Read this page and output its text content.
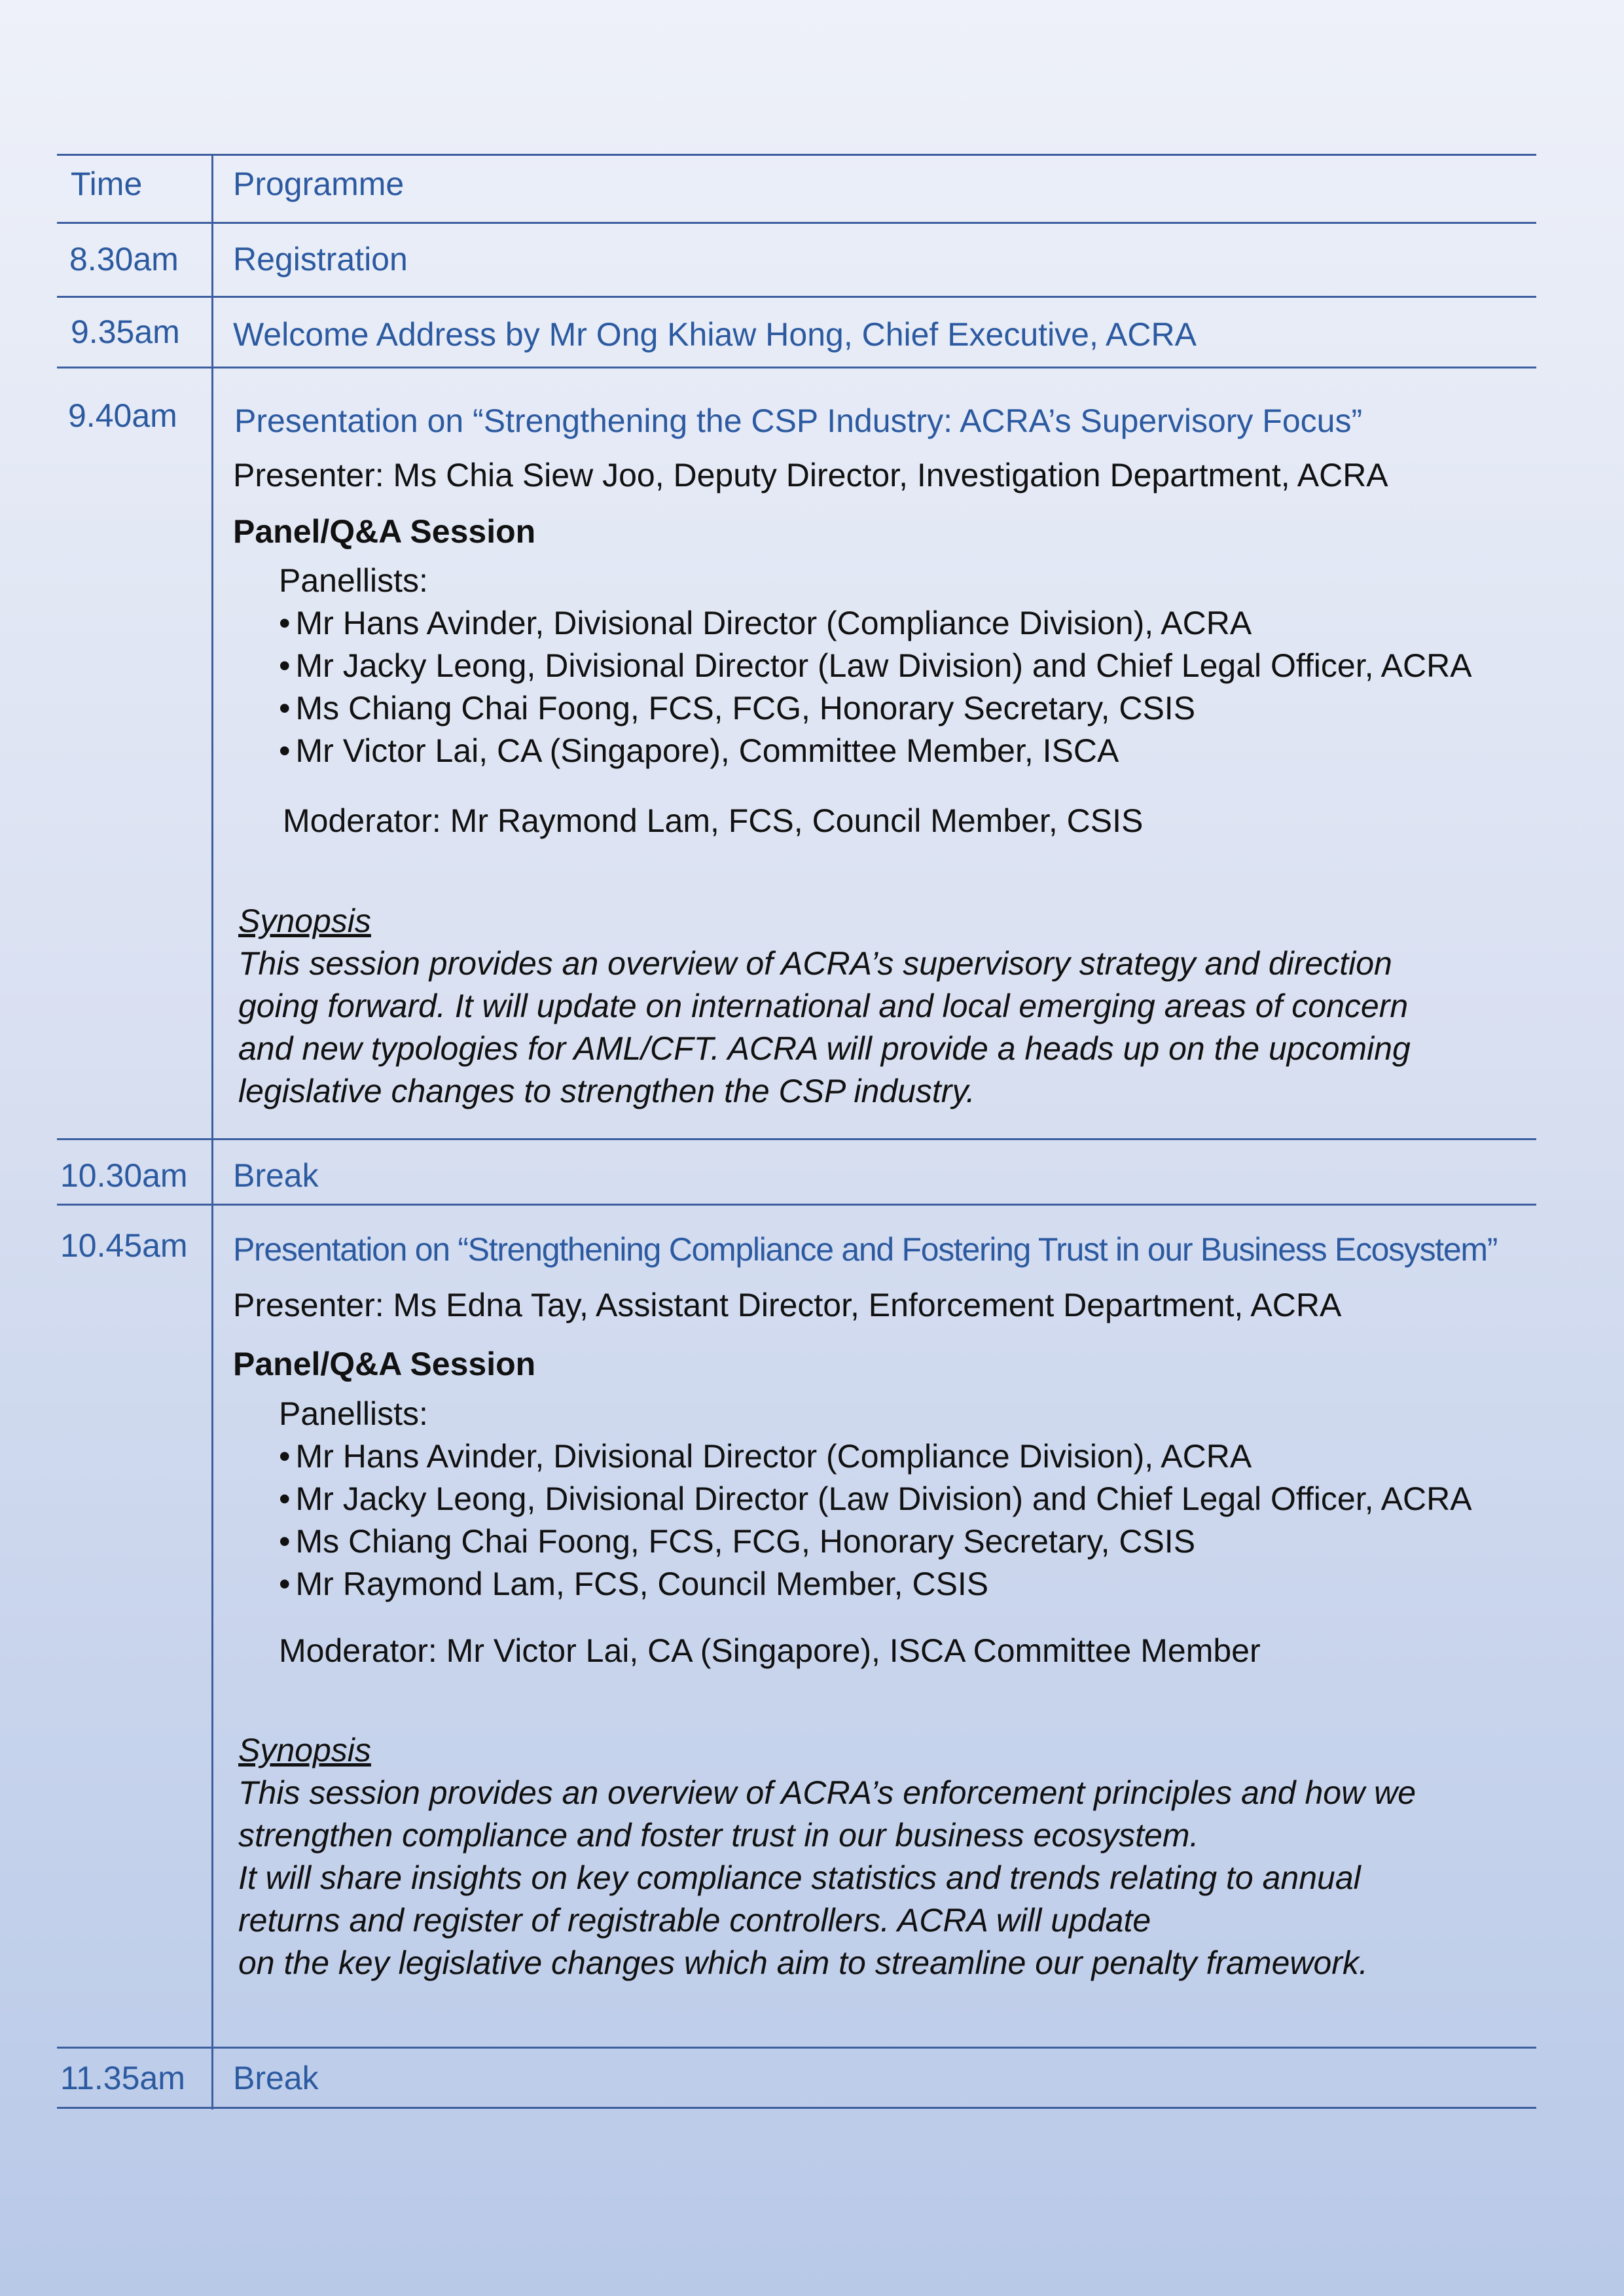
Time	Programme
8.30am Registration
9.35am Welcome Address by Mr Ong Khiaw Hong, Chief Executive, ACRA
9.40am Presentation on “Strengthening the CSP Industry: ACRA’s Supervisory Focus”
Presenter: Ms Chia Siew Joo, Deputy Director, Investigation Department, ACRA
Panel/Q&A Session
Panellists:
• Mr Hans Avinder, Divisional Director (Compliance Division), ACRA
• Mr Jacky Leong, Divisional Director (Law Division) and Chief Legal Officer, ACRA
• Ms Chiang Chai Foong, FCS, FCG, Honorary Secretary, CSIS
• Mr Victor Lai, CA (Singapore), Committee Member, ISCA
Moderator: Mr Raymond Lam, FCS, Council Member, CSIS
Synopsis
This session provides an overview of ACRA’s supervisory strategy and direction
going forward. It will update on international and local emerging areas of concern
and new typologies for AML/CFT. ACRA will provide a heads up on the upcoming
legislative changes to strengthen the CSP industry.
10.30am Break
10.45am Presentation on “Strengthening Compliance and Fostering Trust in our Business Ecosystem”
Presenter: Ms Edna Tay, Assistant Director, Enforcement Department, ACRA
Panel/Q&A Session
Panellists:
• Mr Hans Avinder, Divisional Director (Compliance Division), ACRA
• Mr Jacky Leong, Divisional Director (Law Division) and Chief Legal Officer, ACRA
• Ms Chiang Chai Foong, FCS, FCG, Honorary Secretary, CSIS
• Mr Raymond Lam, FCS, Council Member, CSIS
Moderator: Mr Victor Lai, CA (Singapore), ISCA Committee Member
Synopsis
This session provides an overview of ACRA’s enforcement principles and how we
strengthen compliance and foster trust in our business ecosystem.
It will share insights on key compliance statistics and trends relating to annual
returns and register of registrable controllers. ACRA will update
on the key legislative changes which aim to streamline our penalty framework.
11.35am Break
